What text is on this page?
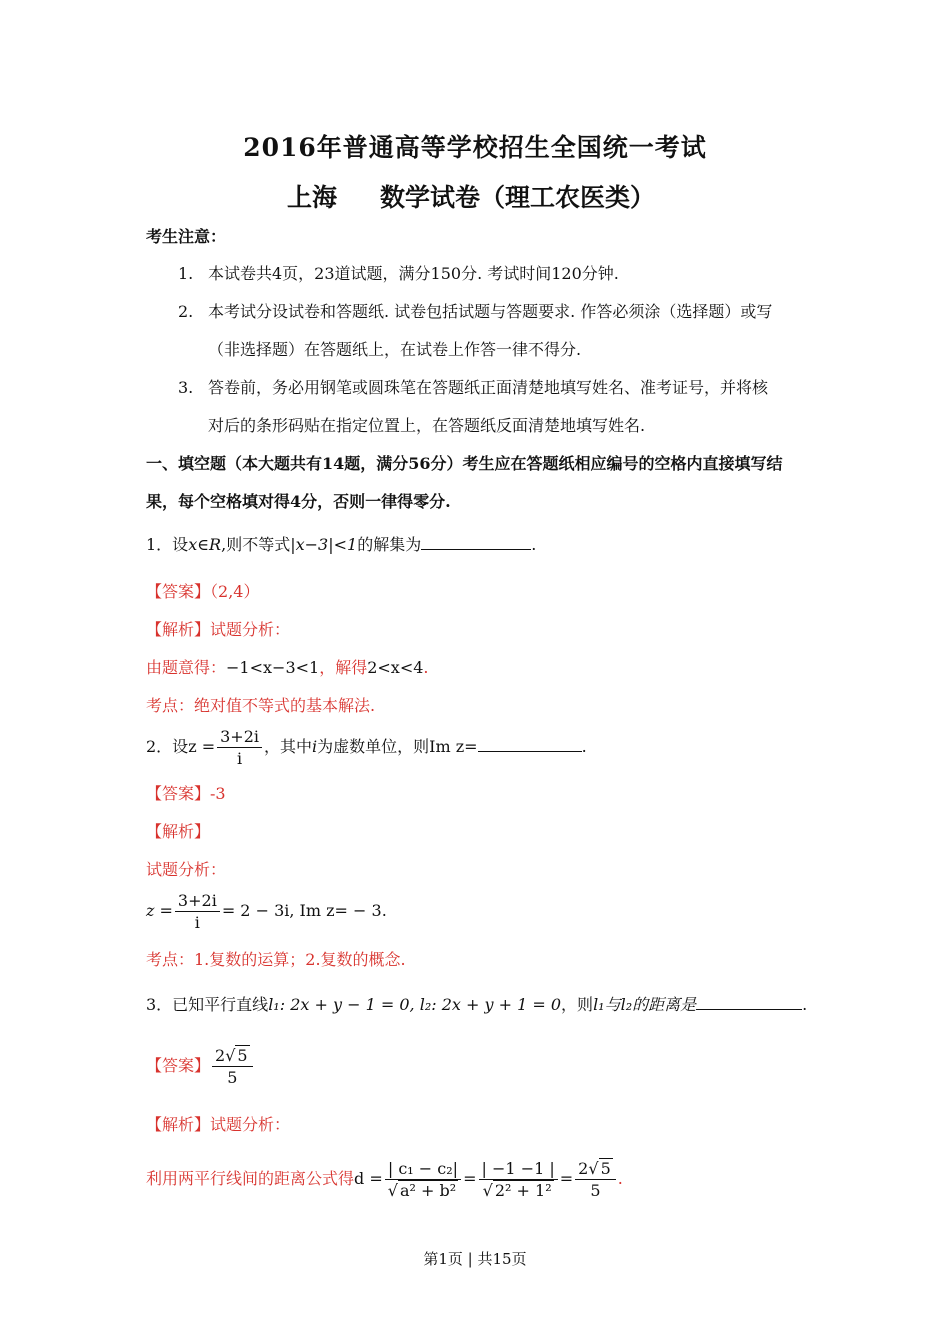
2016年普通高等学校招生全国统一考试
上海 数学试卷（理工农医类）
考生注意：
1. 本试卷共4页，23道试题，满分150分. 考试时间120分钟.
2. 本考试分设试卷和答题纸. 试卷包括试题与答题要求. 作答必须涂（选择题）或写
（非选择题）在答题纸上，在试卷上作答一律不得分.
3. 答卷前，务必用钢笔或圆珠笔在答题纸正面清楚地填写姓名、准考证号，并将核
对后的条形码贴在指定位置上，在答题纸反面清楚地填写姓名.
一、填空题（本大题共有14题，满分56分）考生应在答题纸相应编号的空格内直接填写结
果，每个空格填对得4分，否则一律得零分.
1．设x∈R,则不等式|x−3|<1的解集为	.
【答案】（2,4）
【解析】试题分析：
由题意得：−1<x−3<1，解得2<x<4.
考点：绝对值不等式的基本解法.
2．设$z = \frac{3+2i}{i}$ ，其中i为虚数单位，则Im z=	.
【答案】-3
【解析】
试题分析：
$z = \frac{3+2i}{i} = 2 - 3i$, Im z= − 3.
考点：1.复数的运算；2.复数的概念.
3．已知平行直线l₁: 2x + y − 1 = 0, l₂: 2x + y + 1 = 0，则l₁与l₂的距离是	.
【答案】 $\frac{2√ 5}{5}$
【解析】试题分析：
利用两平行线间的距离公式得$d = \frac{\text{| c₁ − c₂|}}{\text{√ a² + b²}} = \frac{| -1 -1 |}{\text{√ 2² + 1²}} = \frac{2√ 5}{5}$ .
第1页 | 共15页
